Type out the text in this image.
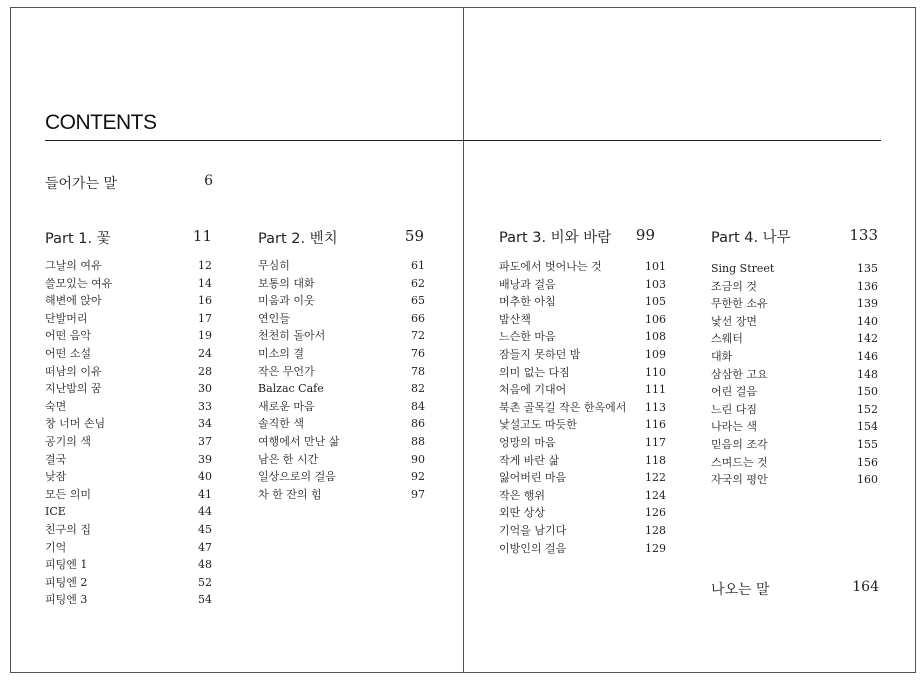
CONTENTS
들어가는 말	6
Part 1. 꽃	11
그날의 여유	12
쓸모있는 여유	14
해변에 앉아	16
단발머리	17
어떤 음악	19
어떤 소설	24
떠남의 이유	28
지난밤의 꿈	30
숙면	33
창 너머 손님	34
공기의 색	37
결국	39
낮잠	40
모든 의미	41
ICE	44
친구의 집	45
기억	47
피팅엔 1	48
피팅엔 2	52
피팅엔 3	54
Part 2. 벤치	59
무심히	61
보통의 대화	62
미움과 이웃	65
연인들	66
천천히 돌아서	72
미소의 결	76
작은 무언가	78
Balzac Cafe	82
새로운 마음	84
솔직한 색	86
여행에서 만난 삶	88
남은 한 시간	90
일상으로의 걸음	92
차 한 잔의 힘	97
Part 3. 비와 바람	99
파도에서 벗어나는 것	101
배낭과 걸음	103
머추한 아침	105
밤산책	106
느슨한 마음	108
잠들지 못하던 밤	109
의미 없는 다짐	110
처음에 기대어	111
북촌 골목길 작은 한옥에서 113
낯설고도 따듯한	116
엉망의 마음	117
작게 바란 삶	118
잃어버린 마음	122
작은 행위	124
외딴 상상	126
기억을 남기다	128
이방인의 걸음	129
Part 4. 나무	133
Sing Street	135
조금의 것	136
무한한 소유	139
낯선 장면	140
스웨터	142
대화	146
삼삼한 고요	148
어린 걸음	150
느린 다짐	152
나라는 색	154
믿음의 조각	155
스며드는 것	156
자국의 평안	160
나오는 말	164
